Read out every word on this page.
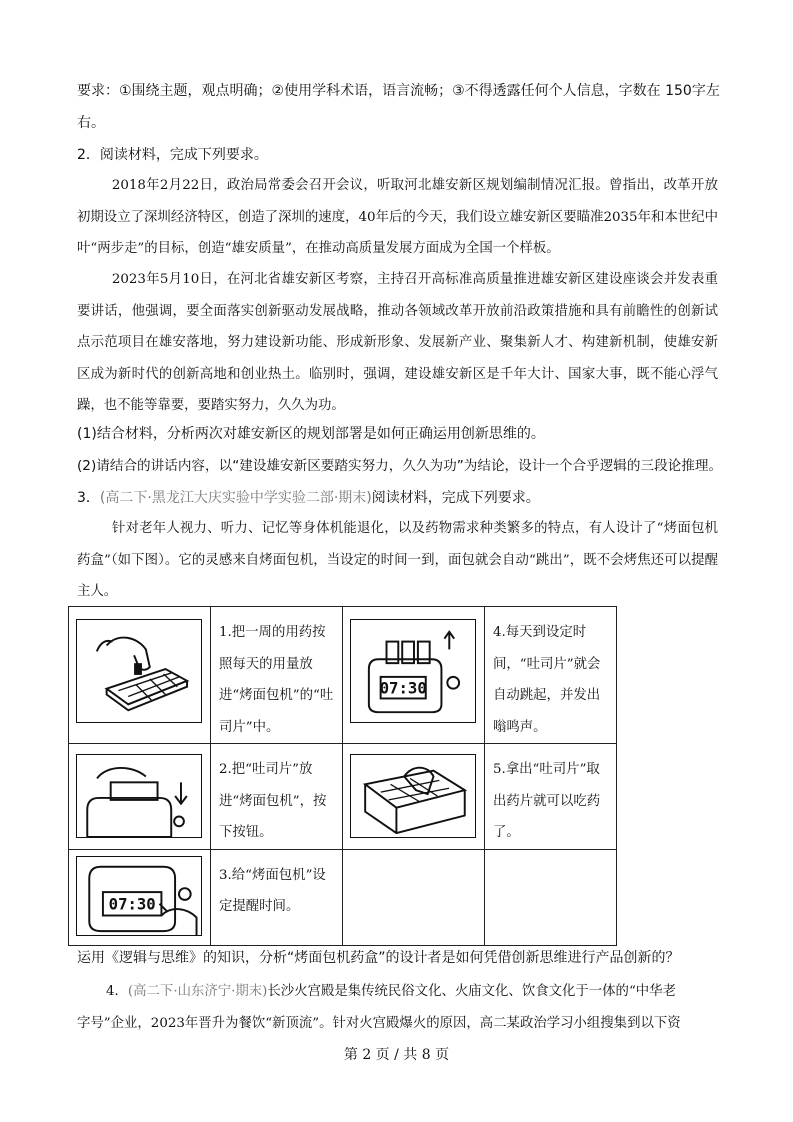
要求：①围绕主题，观点明确；②使用学科术语，语言流畅；③不得透露任何个人信息，字数在 150字左
右。
2．阅读材料，完成下列要求。
2018年2月22日，政治局常委会召开会议，听取河北雄安新区规划编制情况汇报。曾指出，改革开放初期设立了深圳经济特区，创造了深圳的速度，40年后的今天，我们设立雄安新区要瞄准2035年和本世纪中叶“两步走”的目标，创造“雄安质量”，在推动高质量发展方面成为全国一个样板。
2023年5月10日，在河北省雄安新区考察，主持召开高标准高质量推进雄安新区建设座谈会并发表重要讲话，他强调，要全面落实创新驱动发展战略，推动各领域改革开放前沿政策措施和具有前瞻性的创新试点示范项目在雄安落地，努力建设新功能、形成新形象、发展新产业、聚集新人才、构建新机制，使雄安新区成为新时代的创新高地和创业热土。临别时，强调，建设雄安新区是千年大计、国家大事，既不能心浮气躁，也不能等靠要，要踏实努力，久久为功。
(1)结合材料，分析两次对雄安新区的规划部署是如何正确运用创新思维的。
(2)请结合的讲话内容，以“建设雄安新区要踏实努力，久久为功”为结论，设计一个合乎逻辑的三段论推理。
3．(高二下·黑龙江大庆实验中学实验二部·期末)阅读材料，完成下列要求。
针对老年人视力、听力、记忆等身体机能退化，以及药物需求种类繁多的特点，有人设计了“烤面包机药盒”（如下图）。它的灵感来自烤面包机，当设定的时间一到，面包就会自动“跳出”，既不会烤焦还可以提醒主人。

1.把一周的用药按照每天的用量放进“烤面包机”的“吐司片”中。	07:30	4.每天到设定时间，“吐司片”就会自动跳起，并发出嗡鸣声。

2.把“吐司片”放进“烤面包机”，按下按钮。		5.拿出“吐司片”取出药片就可以吃药了。

07:30	3.给“烤面包机”设定提醒时间。		

运用《逻辑与思维》的知识，分析“烤面包机药盒”的设计者是如何凭借创新思维进行产品创新的？
4．(高二下·山东济宁·期末)长沙火宫殿是集传统民俗文化、火庙文化、饮食文化于一体的“中华老
字号”企业，2023年晋升为餐饮“新顶流”。针对火宫殿爆火的原因，高二某政治学习小组搜集到以下资
第 2 页 / 共 8 页
